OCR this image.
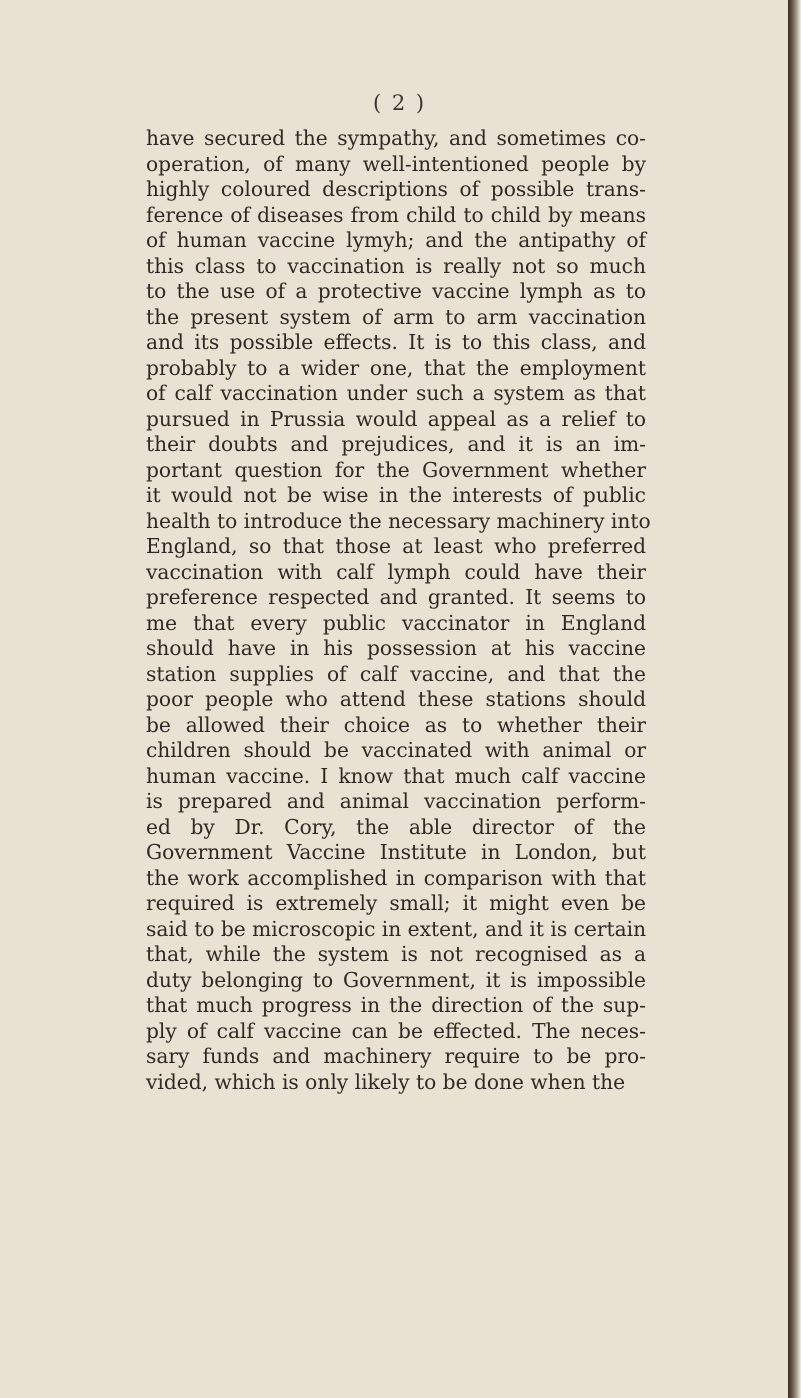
( 2 )
have secured the sympathy, and sometimes co-
operation, of many well-intentioned people by
highly coloured descriptions of possible trans-
ference of diseases from child to child by means
of human vaccine lymyh; and the antipathy of
this class to vaccination is really not so much
to the use of a protective vaccine lymph as to
the present system of arm to arm vaccination
and its possible effects. It is to this class, and
probably to a wider one, that the employment
of calf vaccination under such a system as that
pursued in Prussia would appeal as a relief to
their doubts and prejudices, and it is an im-
portant question for the Government whether
it would not be wise in the interests of public
health to introduce the necessary machinery into
England, so that those at least who preferred
vaccination with calf lymph could have their
preference respected and granted. It seems to
me that every public vaccinator in England
should have in his possession at his vaccine
station supplies of calf vaccine, and that the
poor people who attend these stations should
be allowed their choice as to whether their
children should be vaccinated with animal or
human vaccine. I know that much calf vaccine
is prepared and animal vaccination perform-
ed by Dr. Cory, the able director of the
Government Vaccine Institute in London, but
the work accomplished in comparison with that
required is extremely small; it might even be
said to be microscopic in extent, and it is certain
that, while the system is not recognised as a
duty belonging to Government, it is impossible
that much progress in the direction of the sup-
ply of calf vaccine can be effected. The neces-
sary funds and machinery require to be pro-
vided, which is only likely to be done when the
